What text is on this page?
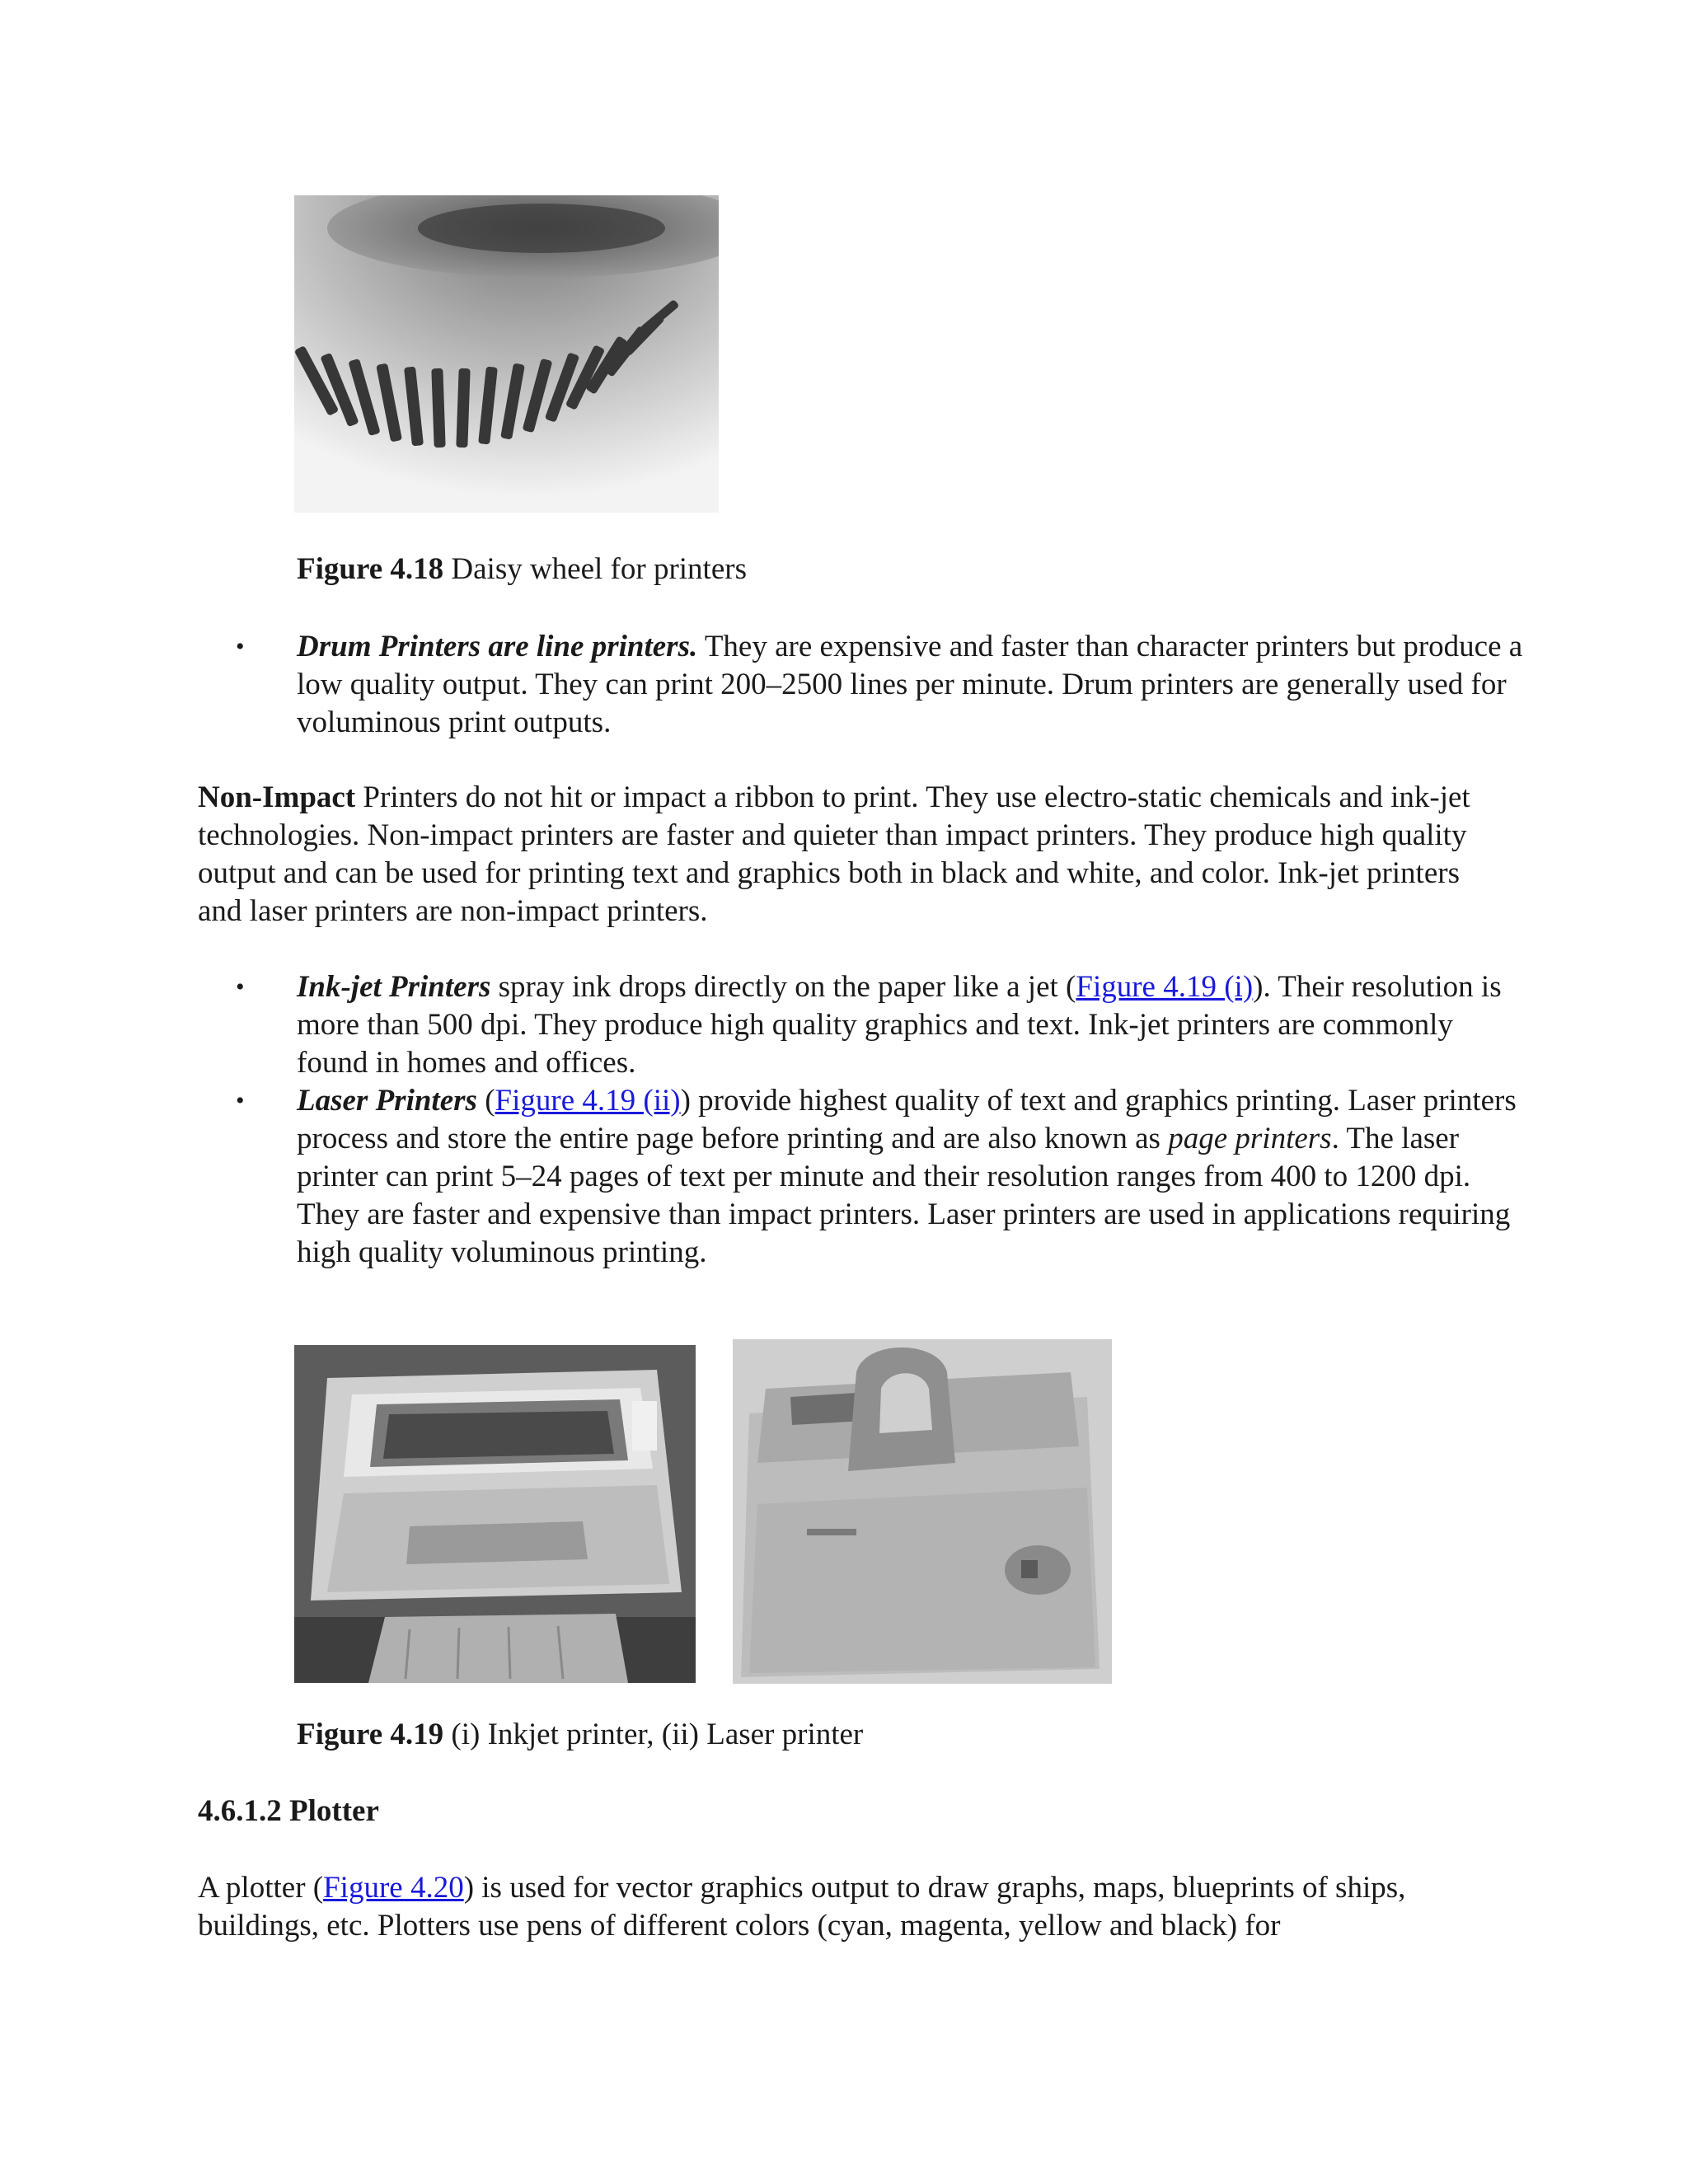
Figure 4.18 Daisy wheel for printers
• Drum Printers are line printers. They are expensive and faster than character printers but produce a low quality output. They can print 200–2500 lines per minute. Drum printers are generally used for voluminous print outputs.
Non-Impact Printers do not hit or impact a ribbon to print. They use electro-static chemicals and ink-jet technologies. Non-impact printers are faster and quieter than impact printers. They produce high quality output and can be used for printing text and graphics both in black and white, and color. Ink-jet printers and laser printers are non-impact printers.
• Ink-jet Printers spray ink drops directly on the paper like a jet (Figure 4.19 (i)). Their resolution is more than 500 dpi. They produce high quality graphics and text. Ink-jet printers are commonly found in homes and offices.
• Laser Printers (Figure 4.19 (ii)) provide highest quality of text and graphics printing. Laser printers process and store the entire page before printing and are also known as page printers. The laser printer can print 5–24 pages of text per minute and their resolution ranges from 400 to 1200 dpi. They are faster and expensive than impact printers. Laser printers are used in applications requiring high quality voluminous printing.
Figure 4.19 (i) Inkjet printer, (ii) Laser printer
4.6.1.2 Plotter
A plotter (Figure 4.20) is used for vector graphics output to draw graphs, maps, blueprints of ships, buildings, etc. Plotters use pens of different colors (cyan, magenta, yellow and black) for
